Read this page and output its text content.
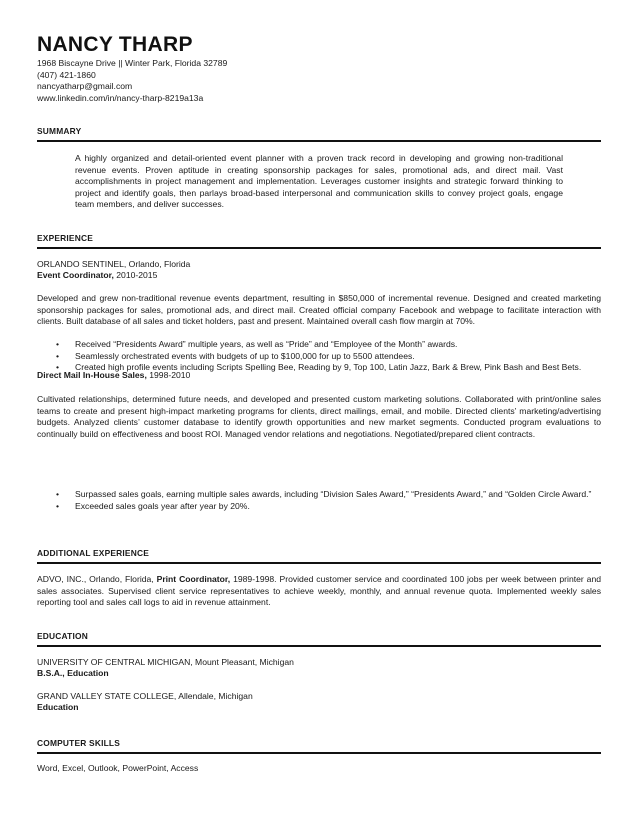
NANCY THARP
1968 Biscayne Drive || Winter Park, Florida 32789
(407) 421-1860
nancyatharp@gmail.com
www.linkedin.com/in/nancy-tharp-8219a13a
SUMMARY
A highly organized and detail-oriented event planner with a proven track record in developing and growing non-traditional revenue events. Proven aptitude in creating sponsorship packages for sales, promotional ads, and direct mail. Vast accomplishments in project management and implementation. Leverages customer insights and strategic forward thinking to project and identify goals, then parlays broad-based interpersonal and communication skills to convey project goals, engage team members, and deliver successes.
EXPERIENCE
ORLANDO SENTINEL, Orlando, Florida
Event Coordinator, 2010-2015
Developed and grew non-traditional revenue events department, resulting in $850,000 of incremental revenue. Designed and created marketing sponsorship packages for sales, promotional ads, and direct mail. Created official company Facebook and webpage to facilitate interaction with clients. Built database of all sales and ticket holders, past and present. Maintained overall cash flow margin at 70%.
• Received “Presidents Award” multiple years, as well as “Pride” and “Employee of the Month” awards.
• Seamlessly orchestrated events with budgets of up to $100,000 for up to 5500 attendees.
• Created high profile events including Scripts Spelling Bee, Reading by 9, Top 100, Latin Jazz, Bark & Brew, Pink Bash and Best Bets.
Direct Mail In-House Sales, 1998-2010
Cultivated relationships, determined future needs, and developed and presented custom marketing solutions. Collaborated with print/online sales teams to create and present high-impact marketing programs for clients, direct mailings, email, and mobile. Directed clients’ marketing/advertising budgets. Analyzed clients’ customer database to identify growth opportunities and new market segments. Conducted program evaluations to continually build on effectiveness and boost ROI. Managed vendor relations and negotiations. Negotiated/prepared client contracts.
• Surpassed sales goals, earning multiple sales awards, including “Division Sales Award,” “Presidents Award,” and “Golden Circle Award.”
• Exceeded sales goals year after year by 20%.
ADDITIONAL EXPERIENCE
ADVO, INC., Orlando, Florida, Print Coordinator, 1989-1998. Provided customer service and coordinated 100 jobs per week between printer and sales associates. Supervised client service representatives to achieve weekly, monthly, and annual revenue quota. Implemented weekly sales reporting tool and sales call logs to aid in revenue attainment.
EDUCATION
UNIVERSITY OF CENTRAL MICHIGAN, Mount Pleasant, Michigan
B.S.A., Education
GRAND VALLEY STATE COLLEGE, Allendale, Michigan
Education
COMPUTER SKILLS
Word, Excel, Outlook, PowerPoint, Access
